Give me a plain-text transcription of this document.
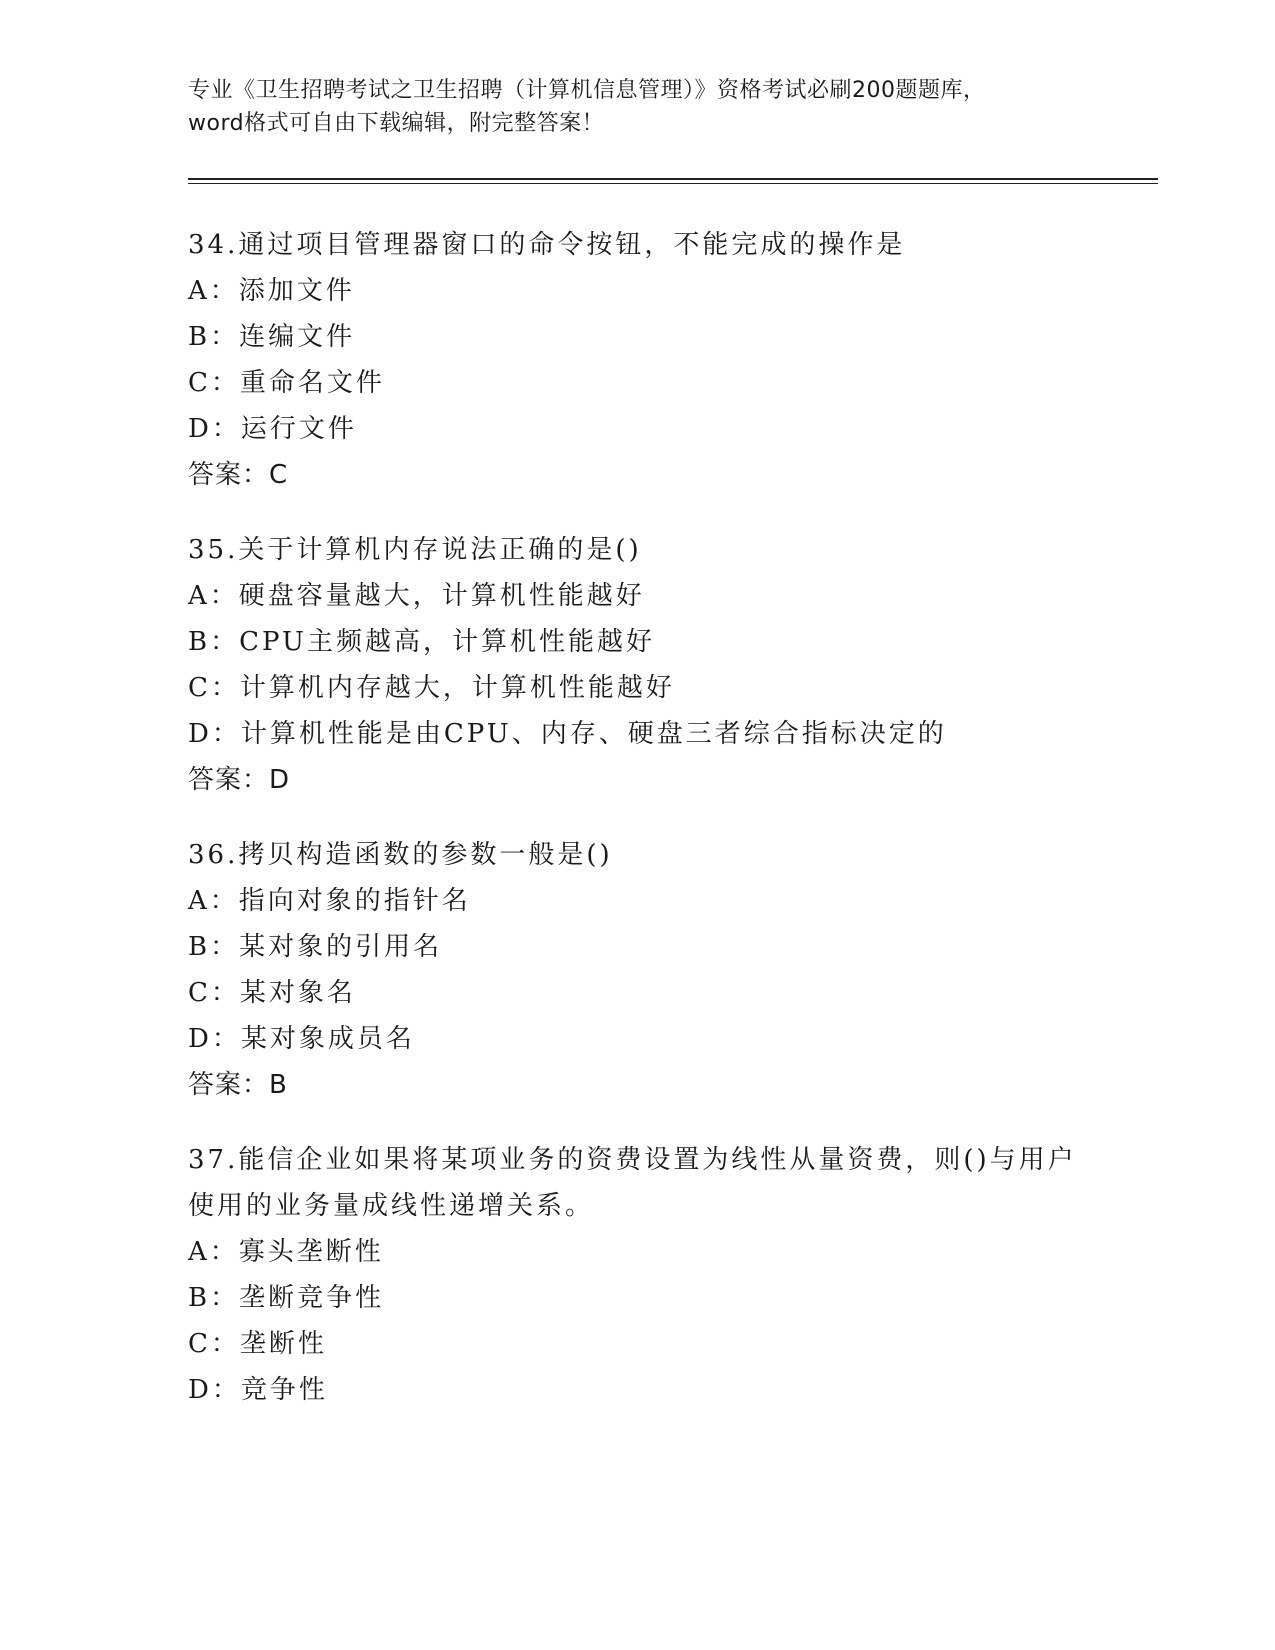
专业《卫生招聘考试之卫生招聘（计算机信息管理）》资格考试必刷200题题库，
word格式可自由下载编辑，附完整答案！
34.通过项目管理器窗口的命令按钮，不能完成的操作是
A：添加文件
B：连编文件
C：重命名文件
D：运行文件
答案：C
35.关于计算机内存说法正确的是()
A：硬盘容量越大，计算机性能越好
B：CPU主频越高，计算机性能越好
C：计算机内存越大，计算机性能越好
D：计算机性能是由CPU、内存、硬盘三者综合指标决定的
答案：D
36.拷贝构造函数的参数一般是()
A：指向对象的指针名
B：某对象的引用名
C：某对象名
D：某对象成员名
答案：B
37.能信企业如果将某项业务的资费设置为线性从量资费，则()与用户
使用的业务量成线性递增关系。
A：寡头垄断性
B：垄断竞争性
C：垄断性
D：竞争性
